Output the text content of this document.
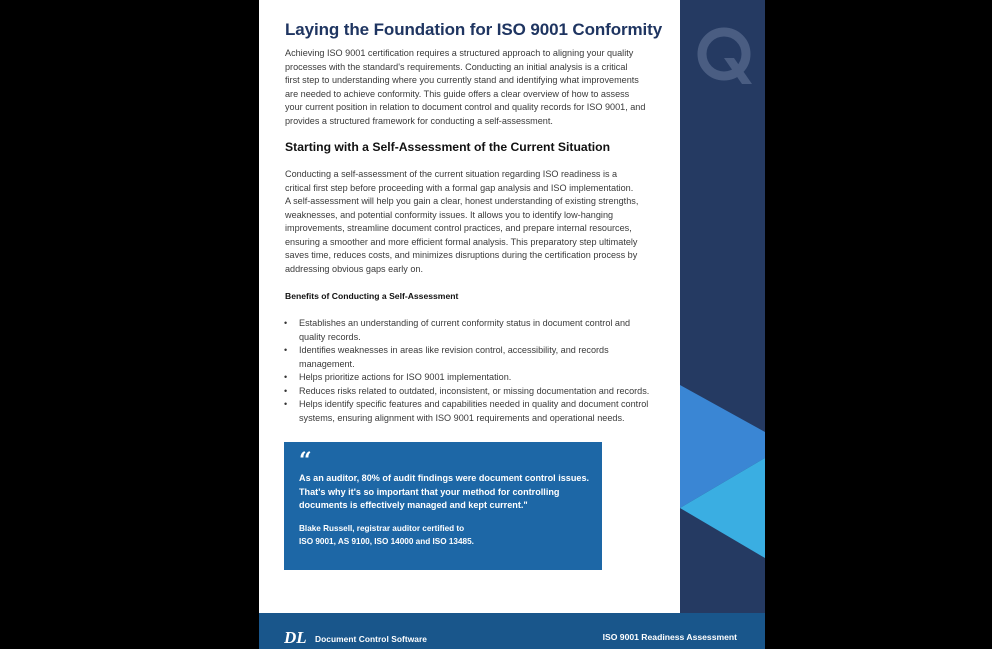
Laying the Foundation for ISO 9001 Conformity
Achieving ISO 9001 certification requires a structured approach to aligning your quality
processes with the standard's requirements. Conducting an initial analysis is a critical
first step to understanding where you currently stand and identifying what improvements
are needed to achieve conformity. This guide offers a clear overview of how to assess
your current position in relation to document control and quality records for ISO 9001, and
provides a structured framework for conducting a self-assessment.
Starting with a Self-Assessment of the Current Situation
Conducting a self-assessment of the current situation regarding ISO readiness is a
critical first step before proceeding with a formal gap analysis and ISO implementation.
A self-assessment will help you gain a clear, honest understanding of existing strengths,
weaknesses, and potential conformity issues. It allows you to identify low-hanging
improvements, streamline document control practices, and prepare internal resources,
ensuring a smoother and more efficient formal analysis. This preparatory step ultimately
saves time, reduces costs, and minimizes disruptions during the certification process by
addressing obvious gaps early on.
Benefits of Conducting a Self-Assessment
• Establishes an understanding of current conformity status in document control and
quality records.
• Identifies weaknesses in areas like revision control, accessibility, and records
management.
• Helps prioritize actions for ISO 9001 implementation.
• Reduces risks related to outdated, inconsistent, or missing documentation and records.
• Helps identify specific features and capabilities needed in quality and document control
systems, ensuring alignment with ISO 9001 requirements and operational needs.
“
As an auditor, 80% of audit findings were document control issues.
That's why it's so important that your method for controlling
documents is effectively managed and kept current."
Blake Russell, registrar auditor certified to
ISO 9001, AS 9100, ISO 14000 and ISO 13485.
DL Document Control Software	ISO 9001 Readiness Assessment
